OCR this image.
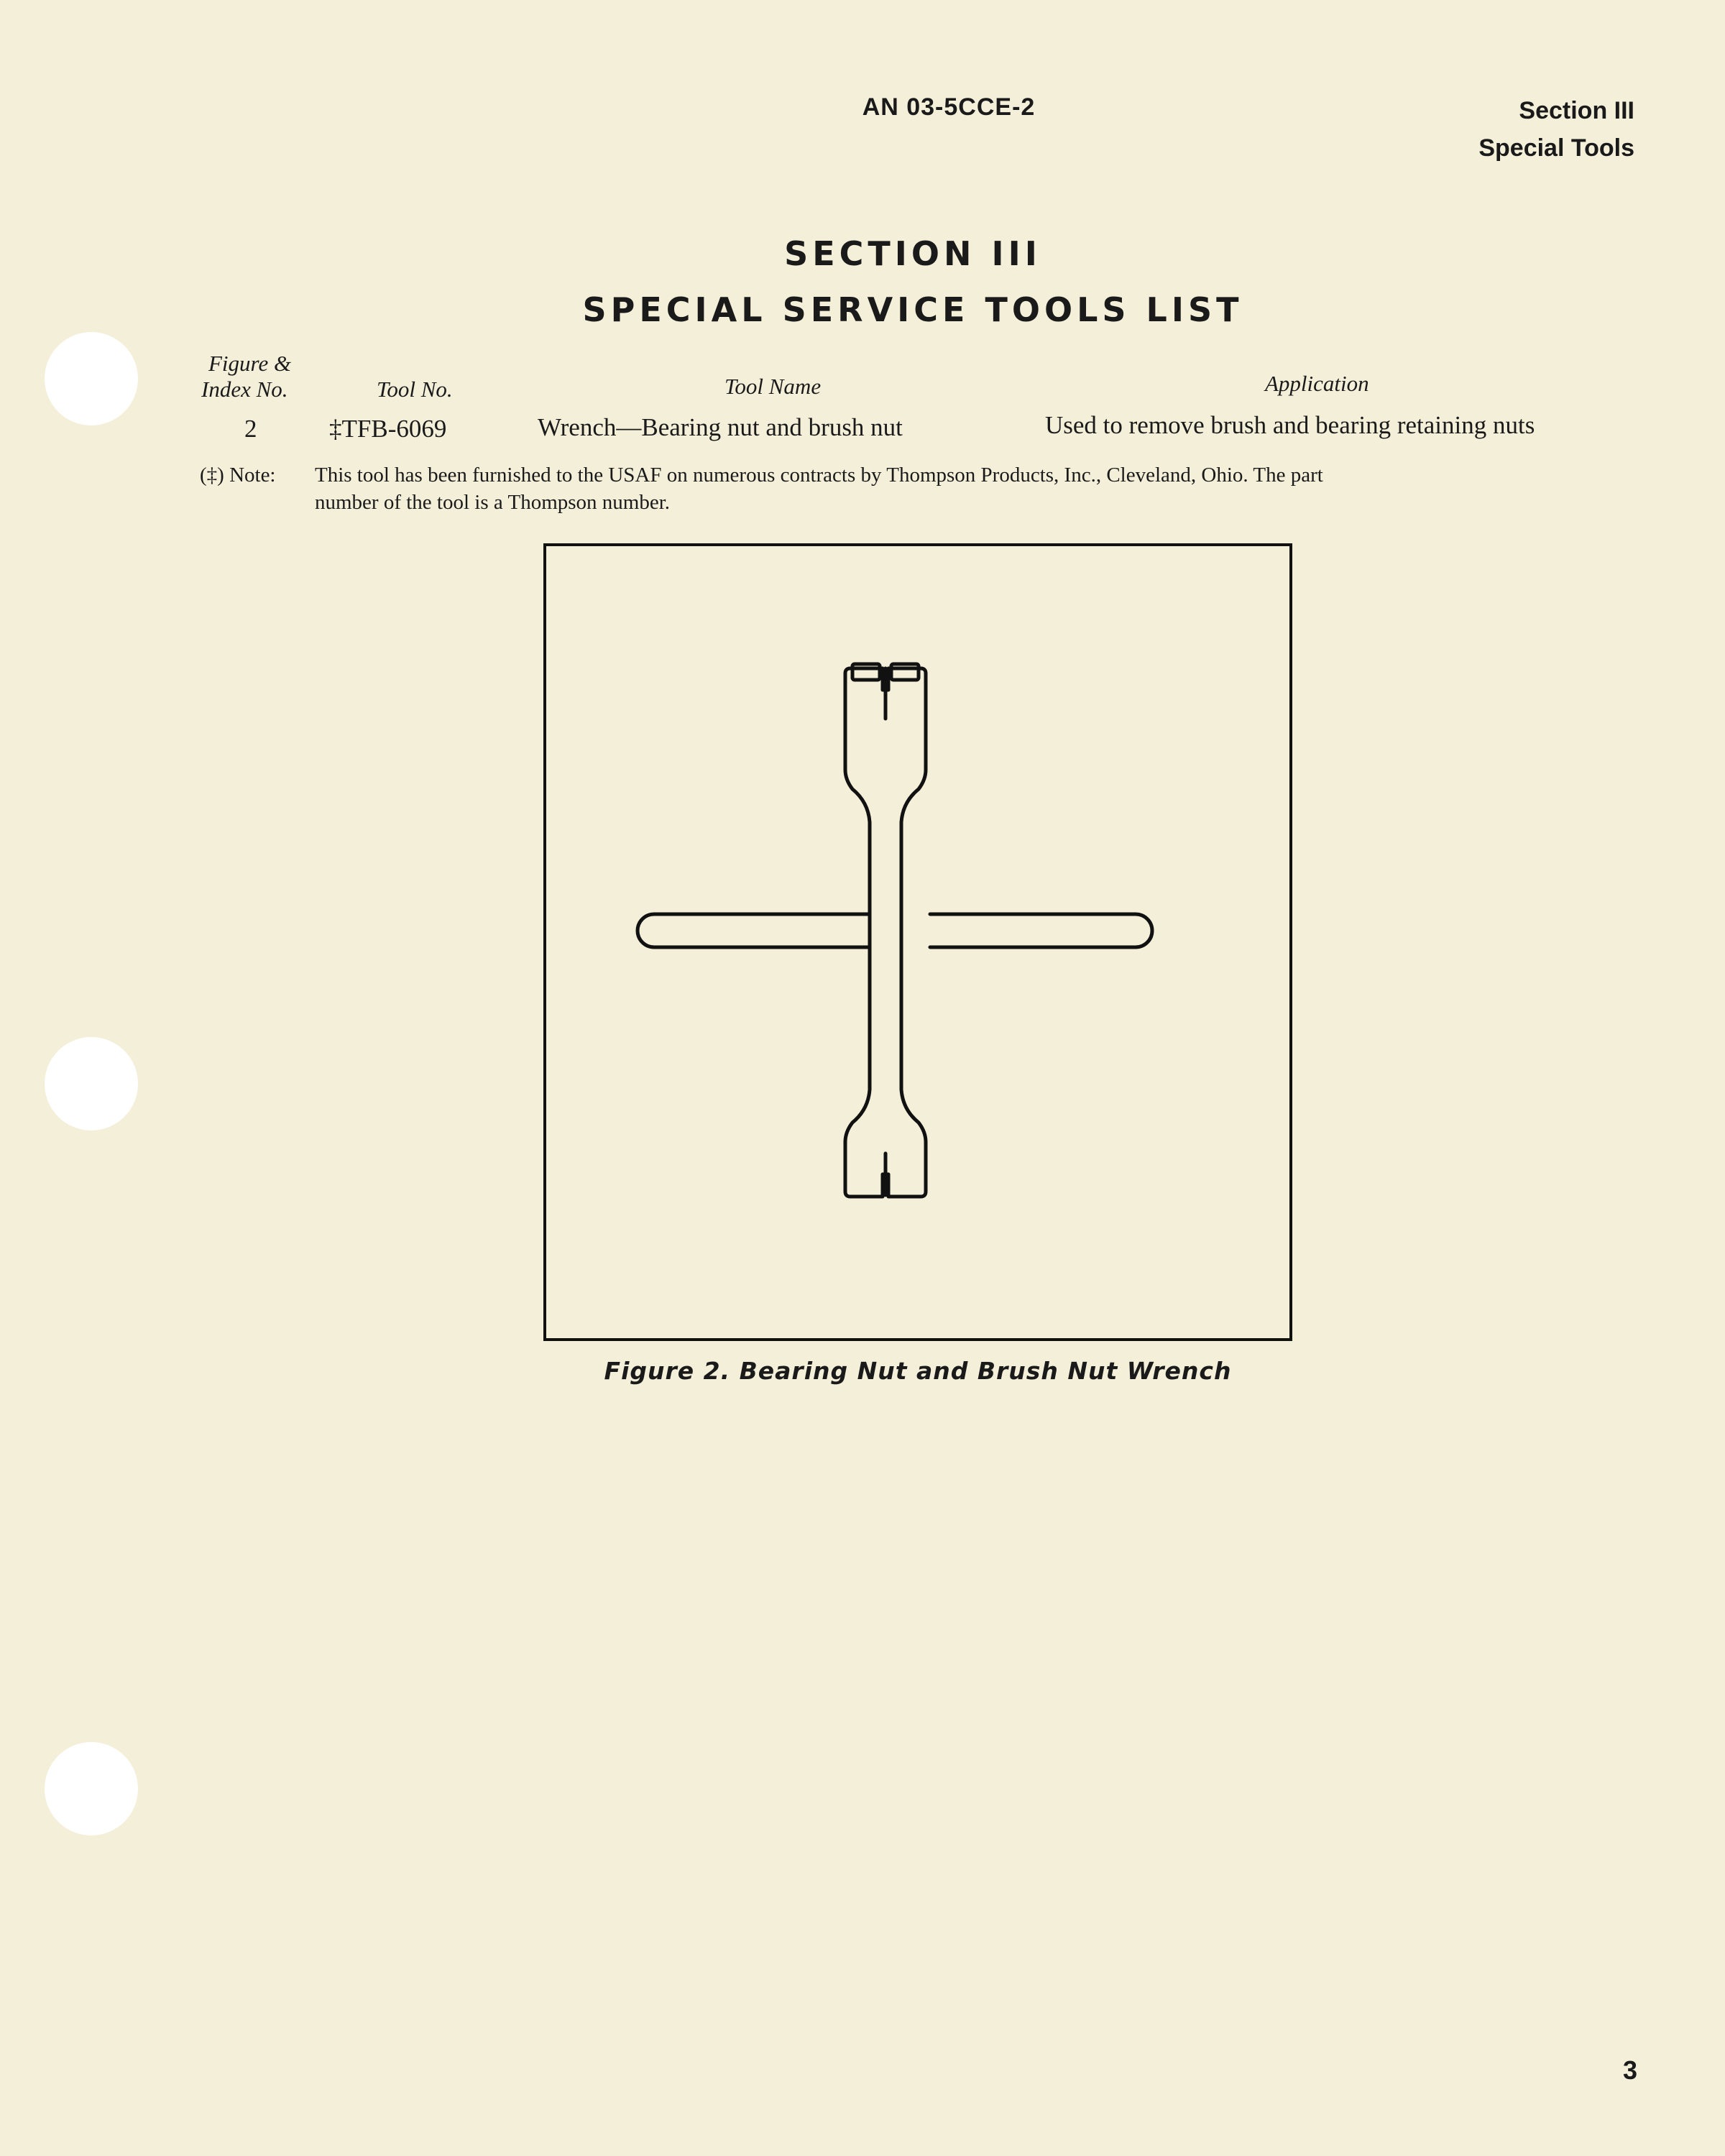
AN 03-5CCE-2	Section III
Special Tools
SECTION III
SPECIAL SERVICE TOOLS LIST
Figure &
Index No.	Tool No.	Tool Name	Application
2	‡TFB-6069	Wrench—Bearing nut and brush nut	Used to remove brush and bearing retaining nuts
(‡) Note: This tool has been furnished to the USAF on numerous contracts by Thompson Products, Inc., Cleveland, Ohio. The part
number of the tool is a Thompson number.
Figure 2. Bearing Nut and Brush Nut Wrench
3
